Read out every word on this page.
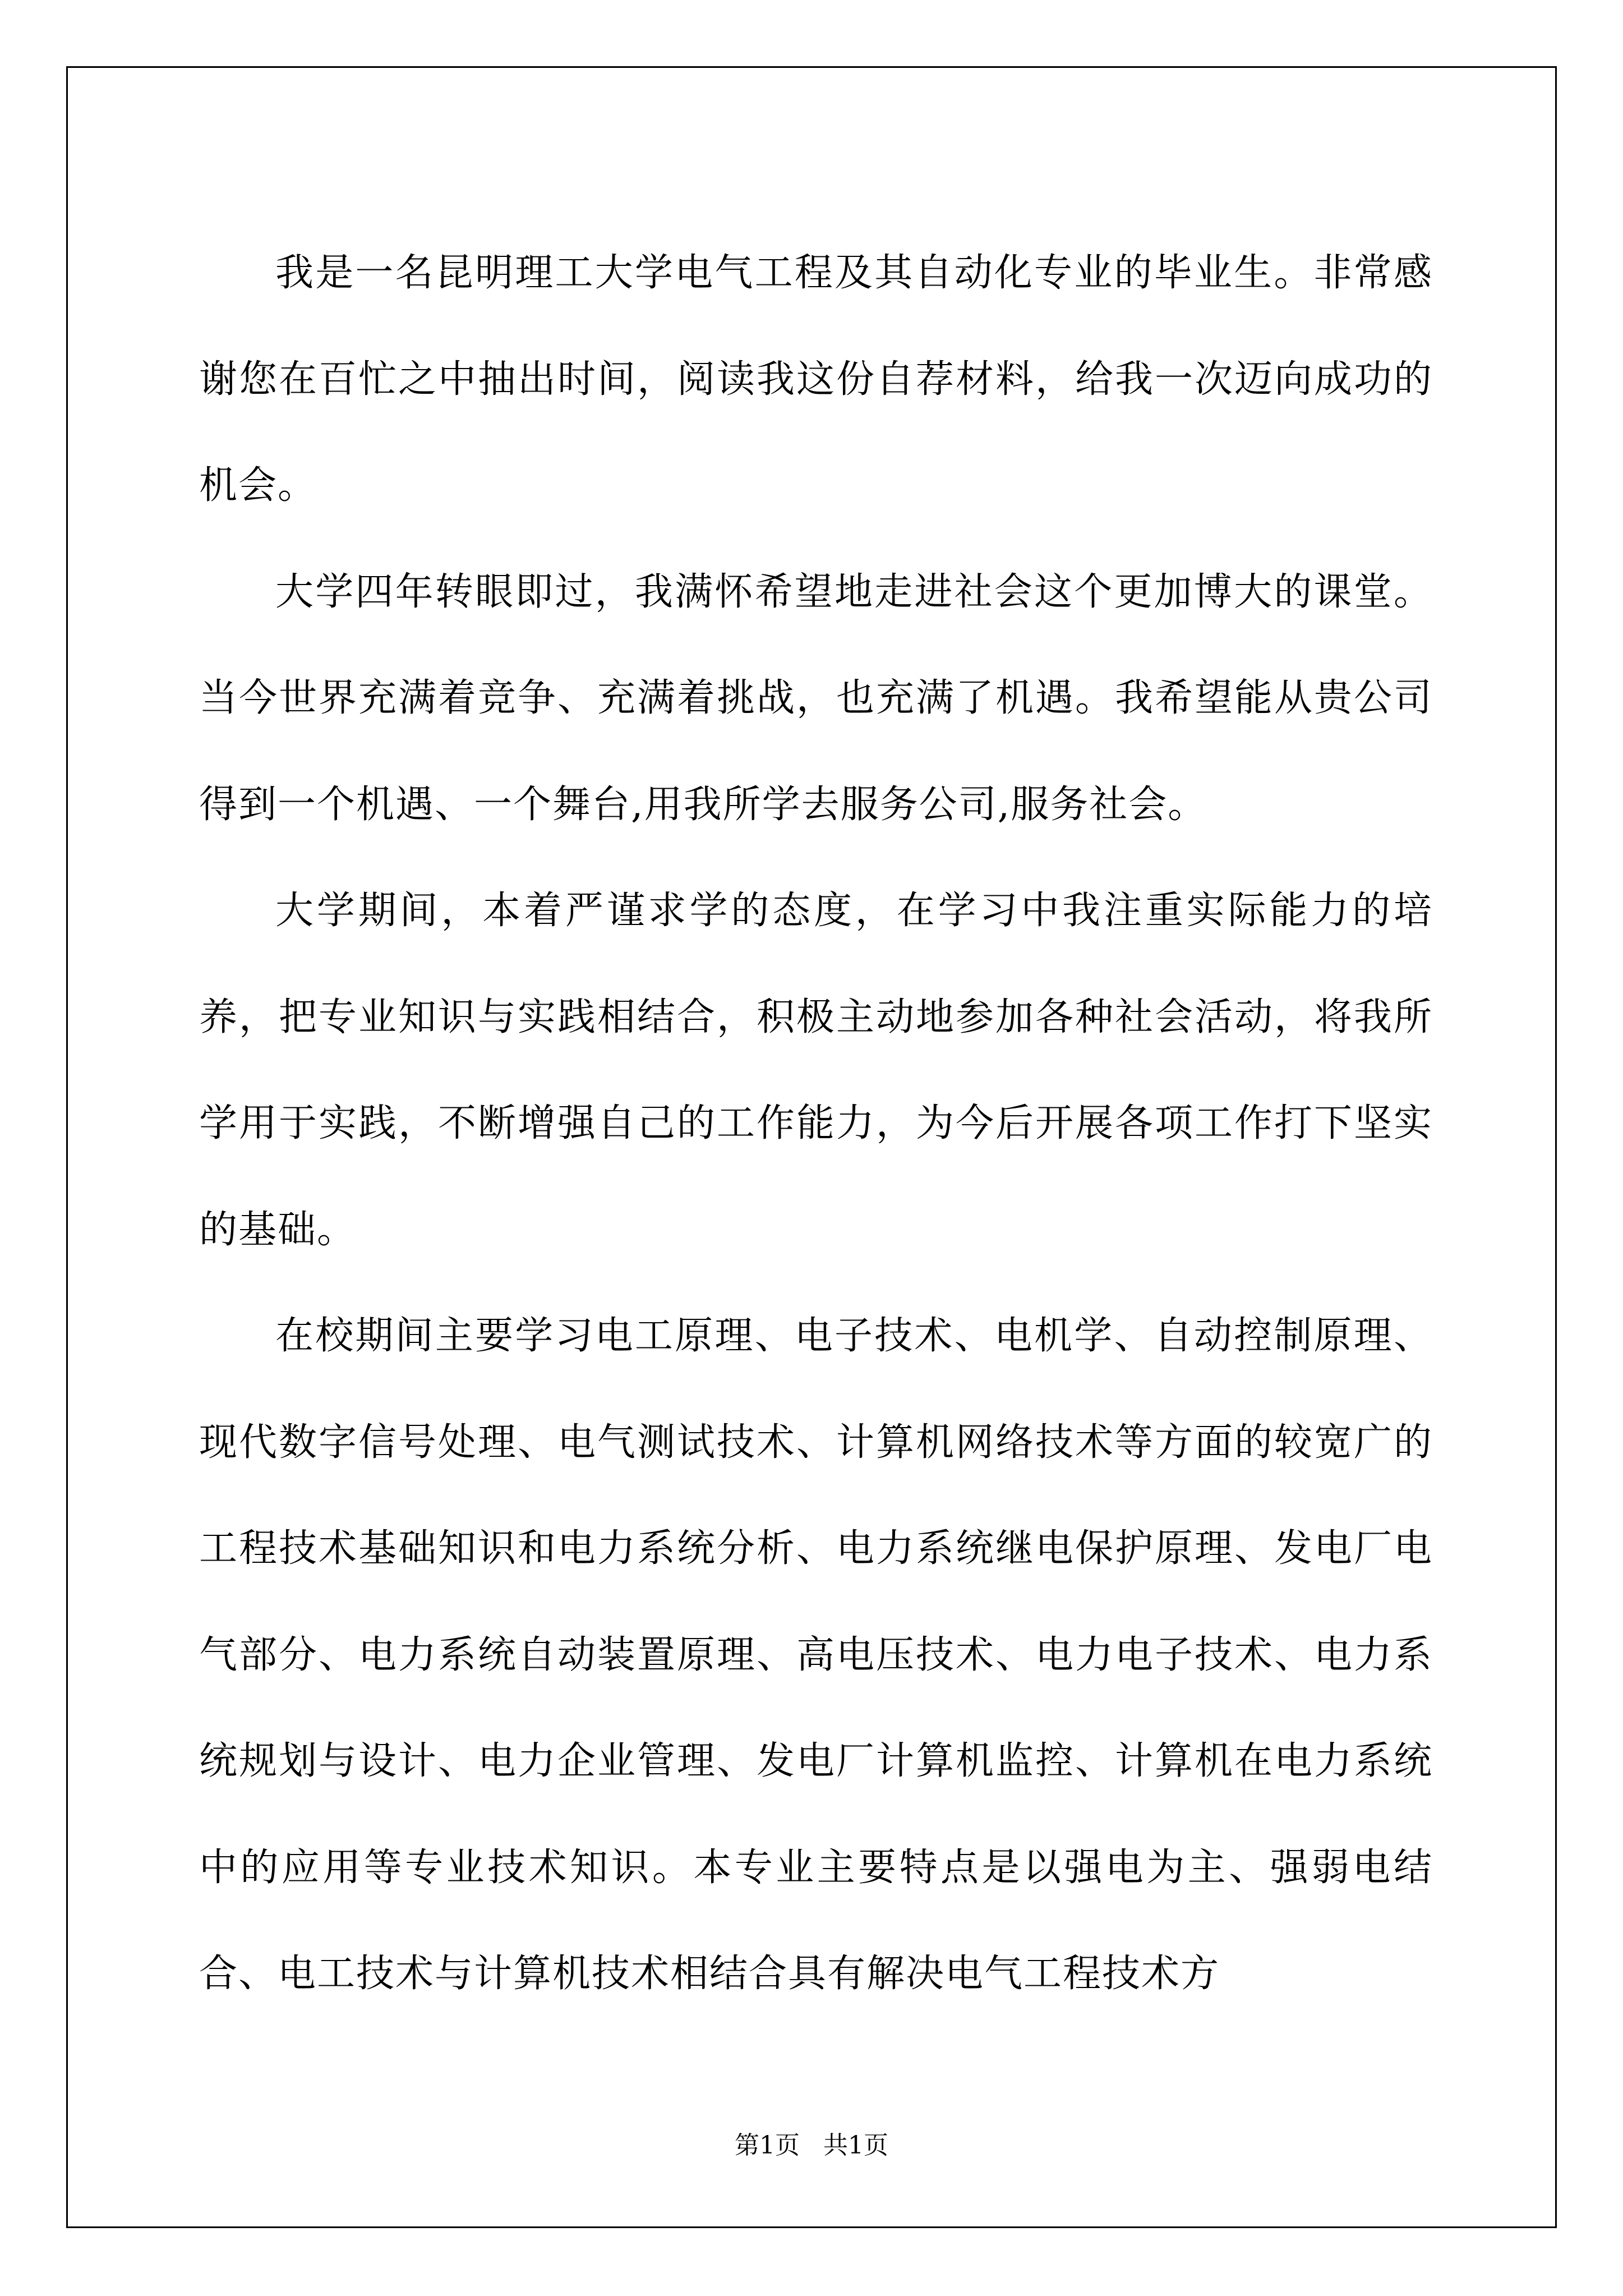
我是一名昆明理工大学电气工程及其自动化专业的毕业生。非常感谢您在百忙之中抽出时间，阅读我这份自荐材料，给我一次迈向成功的机会。

大学四年转眼即过，我满怀希望地走进社会这个更加博大的课堂。当今世界充满着竞争、充满着挑战，也充满了机遇。我希望能从贵公司得到一个机遇、一个舞台,用我所学去服务公司,服务社会。

大学期间，本着严谨求学的态度，在学习中我注重实际能力的培养，把专业知识与实践相结合，积极主动地参加各种社会活动，将我所学用于实践，不断增强自己的工作能力，为今后开展各项工作打下坚实的基础。

在校期间主要学习电工原理、电子技术、电机学、自动控制原理、现代数字信号处理、电气测试技术、计算机网络技术等方面的较宽广的工程技术基础知识和电力系统分析、电力系统继电保护原理、发电厂电气部分、电力系统自动装置原理、高电压技术、电力电子技术、电力系统规划与设计、电力企业管理、发电厂计算机监控、计算机在电力系统中的应用等专业技术知识。本专业主要特点是以强电为主、强弱电结合、电工技术与计算机技术相结合具有解决电气工程技术方

第1页   共1页
